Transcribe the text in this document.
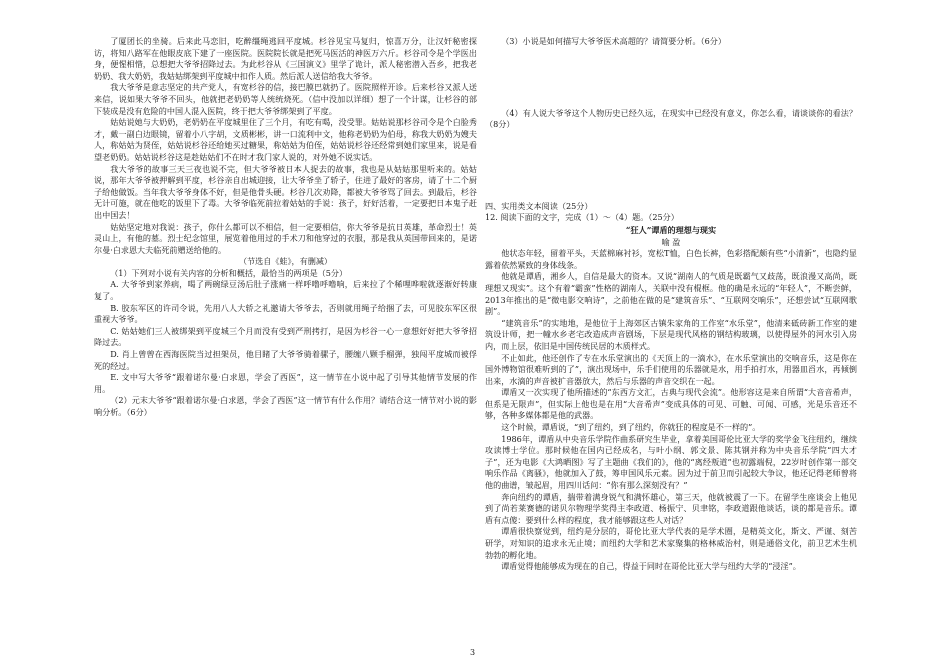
了厦团长的坐骑。后来此马恋旧，吃醉缰绳逃回平度城。杉谷见宝马复归，惊喜万分，让汉奸秘密探访，将知八路军在他眼皮底下建了一座医院。医院院长就是把死马医活的神医万六斤。杉谷司令是个学医出身，便惺相惜，总想把大爷爷招降过去。为此杉谷从《三国演义》里学了诡计，派人秘密潜入吾乡，把我老奶奶、我大奶奶，我姑姑绑架到平度城中扣作人质。然后派人送信给我大爷爷。

我大爷爷是意志坚定的共产党人，有宽杉谷的信，接巴膜巴就扔了。医院照样开诊。后来杉谷又派人送来信，说如果大爷爷不回头，他就把老奶奶等人统统烧死。（信中没加以详细）想了一个计谋，让杉谷的部下装成是没有危险的中国人混入医院，终于把大爷爷绑架到了平度。

姑姑说她与大奶奶，老奶奶在平度城里住了三个月，有吃有喝，没受罪。姑姑说那杉谷司令是个白脸秀才，戴一副白边眼镜，留着小八字胡，文质彬彬，讲一口流利中文，他称老奶奶为伯母，称我大奶奶为嫂夫人，称姑姑为贤侄，姑姑说杉谷还给她买过糖果，称姑姑为伯侄，姑姑说杉谷还经常到她们家里来，说是看望老奶奶。姑姑说杉谷这是趁姑姑们不在时才我门家人说的，对外她不说实话。

我大爷爷的故事三天三夜也说不完，但大爷爷被日本人捉去的故事，我也是从姑姑那里听来的。姑姑说，那年大爷爷被押解到平度，杉谷亲自出城迎接，让大爷爷坐了轿子，住进了最好的客房，请了十二个厨子给他做饭。当年我大爷爷身体不好，但是他骨头硬。杉谷几次劝降，都被大爷爷骂了回去。到最后，杉谷无计可施，就在他吃的饭里下了毒。大爷爷临死前拉着姑姑的手说：孩子，好好活着，一定要把日本鬼子赶出中国去！

姑姑坚定地对我说：孩子，你什么都可以不相信，但一定要相信，你大爷爷是抗日英雄，革命烈士！英灵山上，有他的墓。烈士纪念馆里，展览着他用过的手术刀和他穿过的衣服，那是我从英国带回来的，是诺尔曼·白求恩大夫临死前赠送给他的。

（节选自《蛙》，有删减）

（1）下列对小说有关内容的分析和概括，最恰当的两项是（5分）

A. 大爷爷到家养病，喝了两碗绿豆汤后肚子涨痛一样呼噜呼噜响，后来拉了个稀哩哗啦就逐渐好转康复了。

B. 胶东军区的许司令说，先用八人大轿之礼邀请大爷爷去，否则就用绳子给捆了去，可见胶东军区很重视大爷爷。

C. 姑姑她们三人被绑架到平度城三个月而没有受到严刑拷打，是因为杉谷一心一意想好好把大爷爷招降过去。

D. 肖上曾曾在西海医院当过担架员，他目睹了大爷爷骑着骡子，腰缠八颗手榴弹，独闯平度城而被俘死的经过。

E. 文中写大爷爷“跟着诺尔曼·白求恩，学会了西医”，这一情节在小说中起了引导其他情节发展的作用。

（2）元末大爷爷“跟着诺尔曼·白求恩，学会了西医”这一情节有什么作用？请结合这一情节对小说的影响分析。（6分）

（3）小说是如何描写大爷爷医术高超的？请简要分析。（6分）

（4）有人说大爷爷这个人物历史已经久远，在现实中已经没有意义，你怎么看，请谈谈你的看法？（8分）

四、实用类文本阅读（25分）

12. 阅读下面的文字，完成（1）～（4）题。（25分）

“狂人”谭盾的理想与现实

喻 盈

他状态年轻，留着平头，天蓝棉麻衬衫，宽松T恤，白色长裤，色彩搭配颇有些“小清新”，也隐约显露着依然紧致的身体线条。

他就是谭盾，湘乡人，自信是最大的资本。又说“湖南人的气质是既霸气又歧荡，既浪漫又高尚，既理想又现实”。这个有着“霸蛮”性格的湖南人，关联中没有棍框。他的确是永远的“年轻人”，不断尝鲜，2013年推出的是“微电影交响诗”，之前他在做的是“建筑音乐”、“互联网交响乐”，还想尝试“互联网歌剧”。

“建筑音乐”的实地地，是他位于上海郊区古镇朱家角的工作室“水乐堂”，他清来砥砖新工作室的建筑设计师，把一幢水乡老宅改造成声音剧场，下层是现代风格的钢结构玻璃，以使得屋外的河水引入房内，而上层，依旧是中国传统民居的木质样式。

不止如此，他还创作了专在水乐堂演出的《天顶上的一滴水》，在水乐堂演出的交响音乐，这是你在国外博物馆很难听到的了”，演出现场中，乐手们使用的乐器就是水，用手拍打水，用器皿舀水，再倾倒出来，水滴的声音被扩音器放大，然后与乐器的声音交织在一起。

谭盾又一次实现了他所描述的“东西方文汇，古典与现代会流”。他形容这是来自所谓“大音音希声，但系是无限声”，但实际上他也是在用“大音希声”变成具体的可见、可触、可闻、可感，光是乐音还不够，各种多媒体都是他的武器。

这个时候，谭盾说，“到了纽约，到了纽约，你就狂的程度是不一样的”。

1986年，谭盾从中央音乐学院作曲系研究生毕业，拿着美国哥伦比亚大学的奖学金飞往纽约，继续攻读博士学位。那时候他在国内已经成名，与叶小纲、郭文景、陈其钢并称为中央音乐学院“四大才子”，还为电影《大鸿晒图》写了主题曲《我们的》，他的“离经叛道”也初露端倪，22岁时创作第一部交响乐作品《离骚》，他就加入了鼓，筹申国风乐元素。因为过于前卫而引起较大争议，他还记得老师曾将他的曲谱，皱起眉，用四川话问：“你有那么深刻没有？”

奔向纽约的谭盾，揣带着满身锐气和满怀雄心，第三天，他就被震了一下。在留学生座谈会上他见到了尚若莱赛德的诺贝尔物理学奖得主李政道、杨振宁、贝聿铭，李政道跟他谈话，谈的都是音乐。谭盾有点傻：要到什么样的程度，我才能够跟这些人对话？

谭盾很快察觉到，纽约是分层的，哥伦比亚大学代表的是学术圈，是精英文化，斯文、严谨、刻苦研学，对知识的追求永无止境；而纽约大学和艺术家聚集的格林威治村，则是通俗文化，前卫艺术生机勃勃的孵化地。

谭盾觉得他能够成为现在的自己，得益于同时在哥伦比亚大学与纽约大学的“浸淫”。

3
